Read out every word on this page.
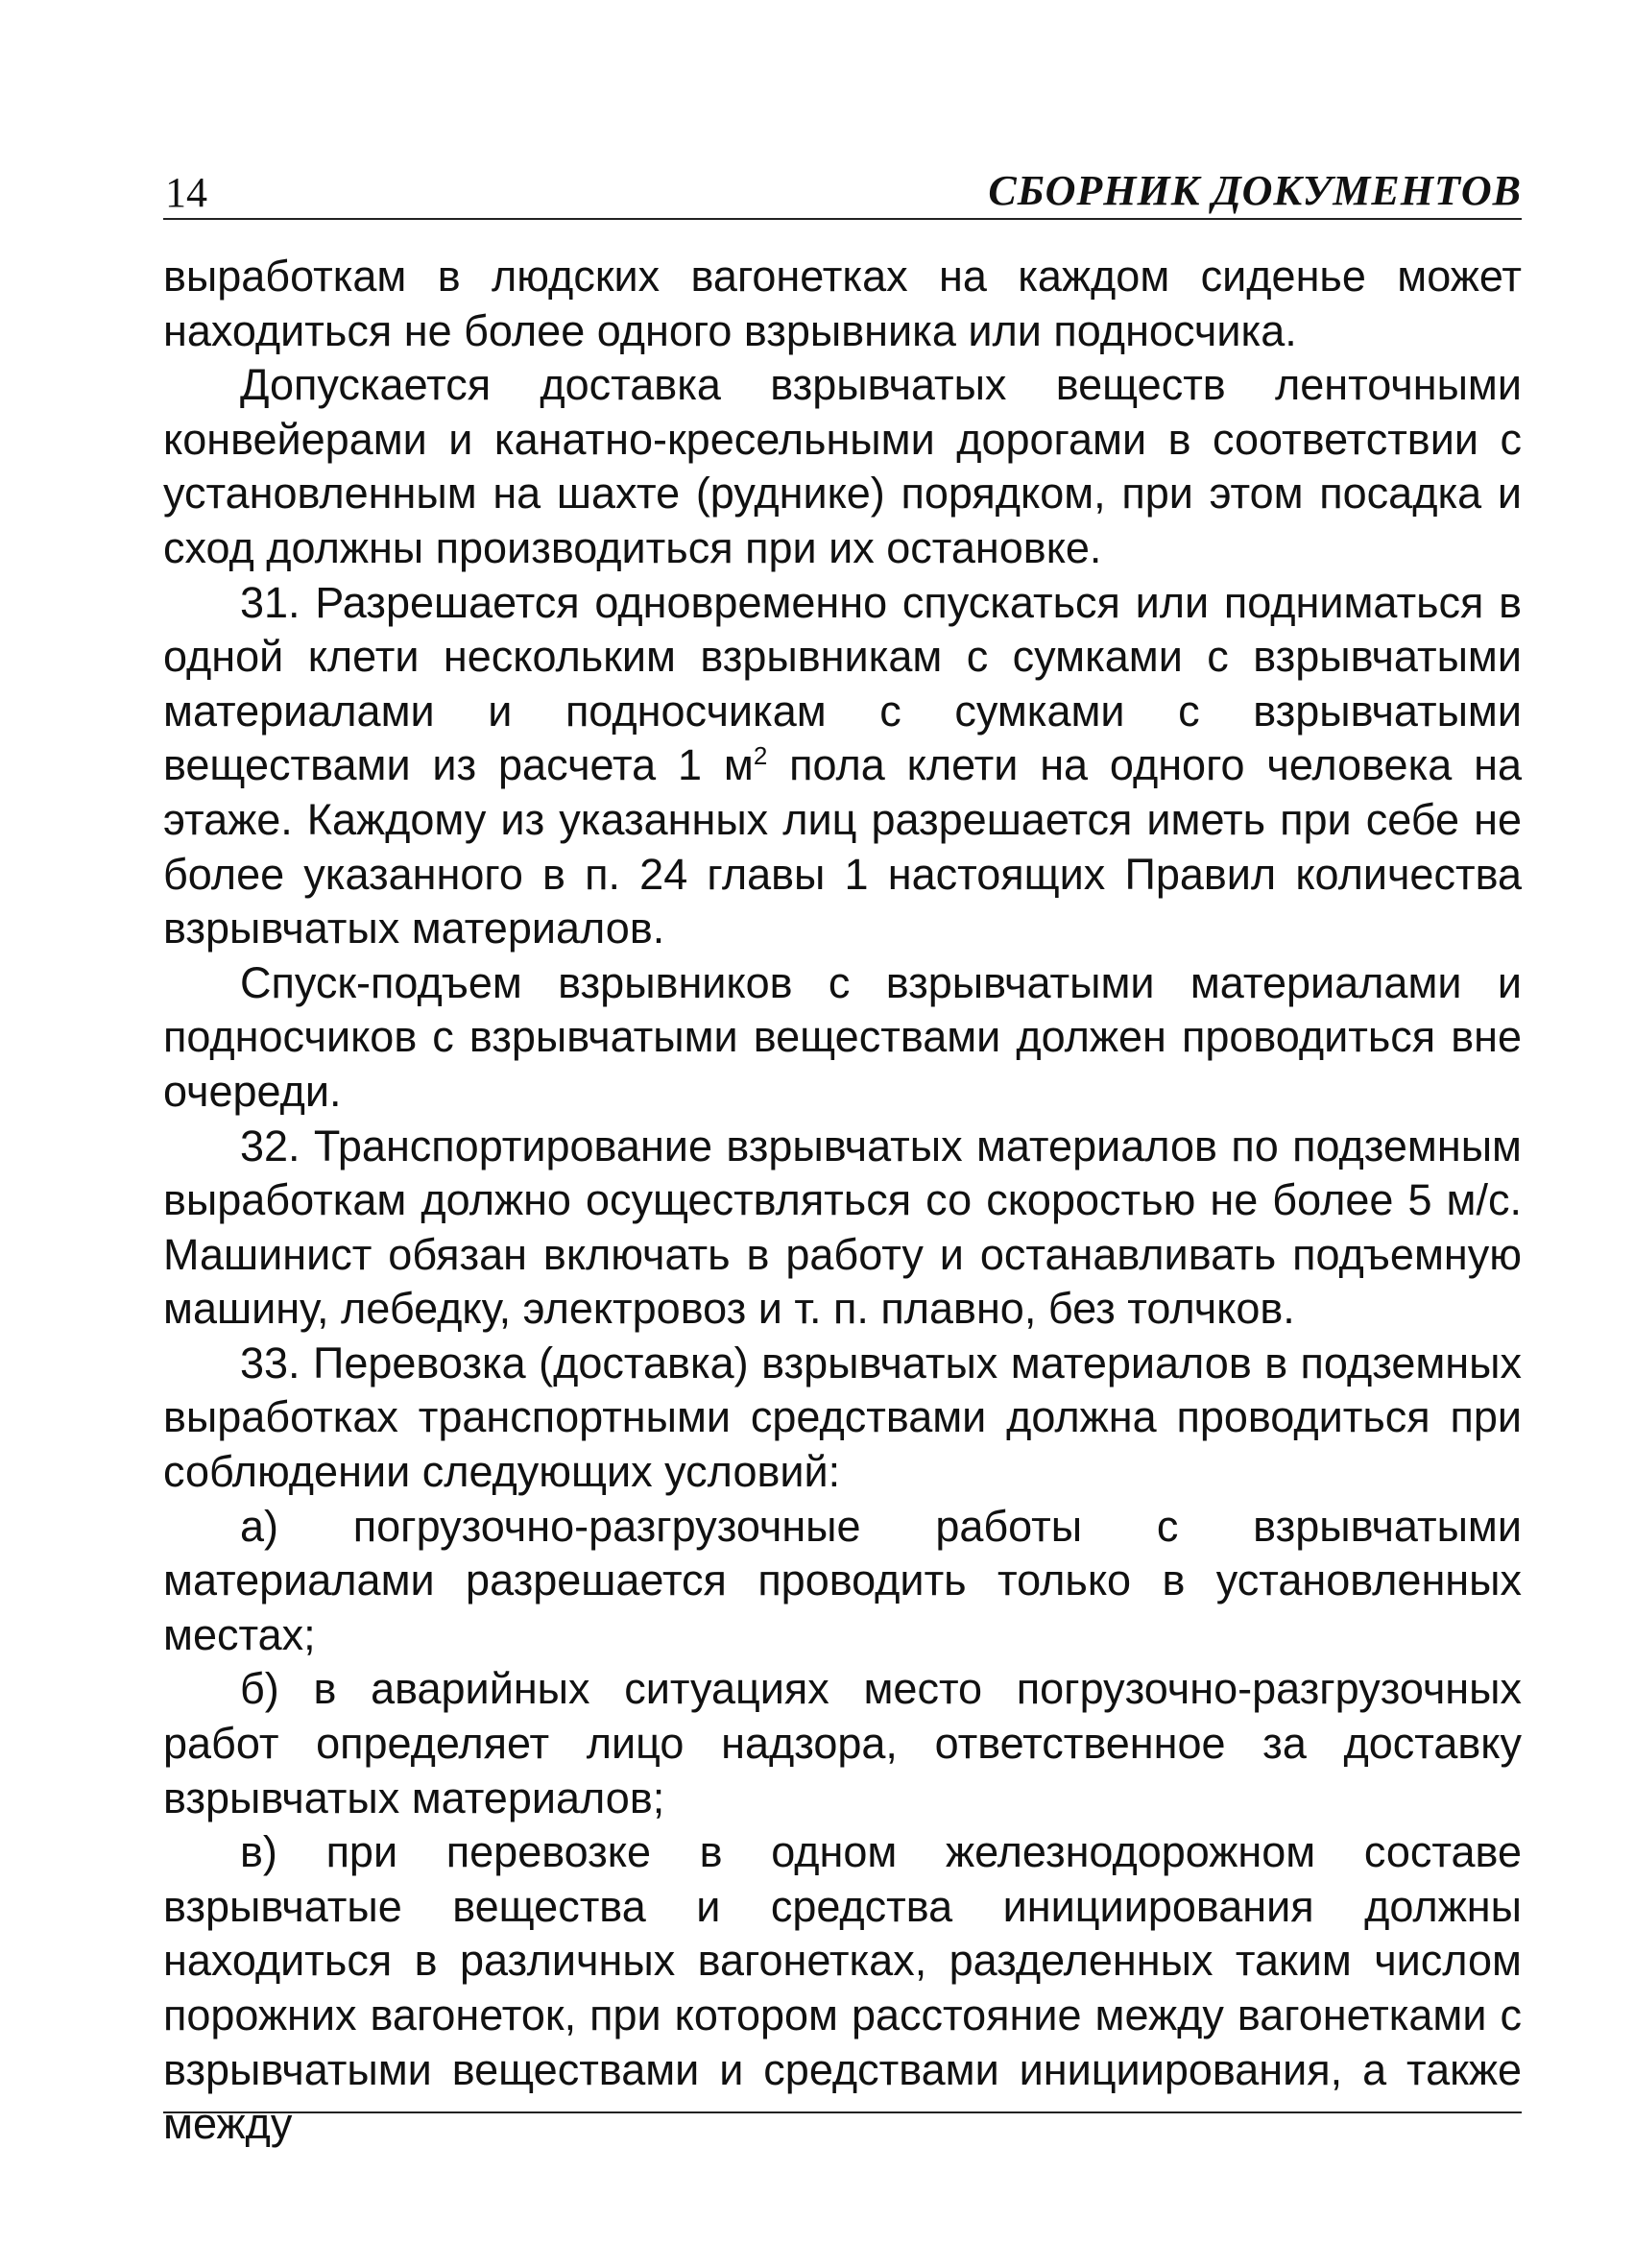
14	СБОРНИК ДОКУМЕНТОВ

выработкам в людских вагонетках на каждом сиденье может находиться не более одного взрывника или подносчика.

Допускается доставка взрывчатых веществ ленточными конвейерами и канатно-кресельными дорогами в соответствии с установленным на шахте (руднике) порядком, при этом посадка и сход должны производиться при их остановке.

31. Разрешается одновременно спускаться или подниматься в одной клети нескольким взрывникам с сумками с взрывчатыми материалами и подносчикам с сумками с взрывчатыми веществами из расчета 1 $м^2$ пола клети на одного человека на этаже. Каждому из указанных лиц разрешается иметь при себе не более указанного в п. 24 главы 1 настоящих Правил количества взрывчатых материалов.

Спуск-подъем взрывников с взрывчатыми материалами и подносчиков с взрывчатыми веществами должен проводиться вне очереди.

32. Транспортирование взрывчатых материалов по подземным выработкам должно осуществляться со скоростью не более 5 м/с. Машинист обязан включать в работу и останавливать подъемную машину, лебедку, электровоз и т. п. плавно, без толчков.

33. Перевозка (доставка) взрывчатых материалов в подземных выработках транспортными средствами должна проводиться при соблюдении следующих условий:

а) погрузочно-разгрузочные работы с взрывчатыми материалами разрешается проводить только в установленных местах;

б) в аварийных ситуациях место погрузочно-разгрузочных работ определяет лицо надзора, ответственное за доставку взрывчатых материалов;

в) при перевозке в одном железнодорожном составе взрывчатые вещества и средства инициирования должны находиться в различных вагонетках, разделенных таким числом порожних вагонеток, при котором расстояние между вагонетками с взрывчатыми веществами и средствами инициирования, а также между
